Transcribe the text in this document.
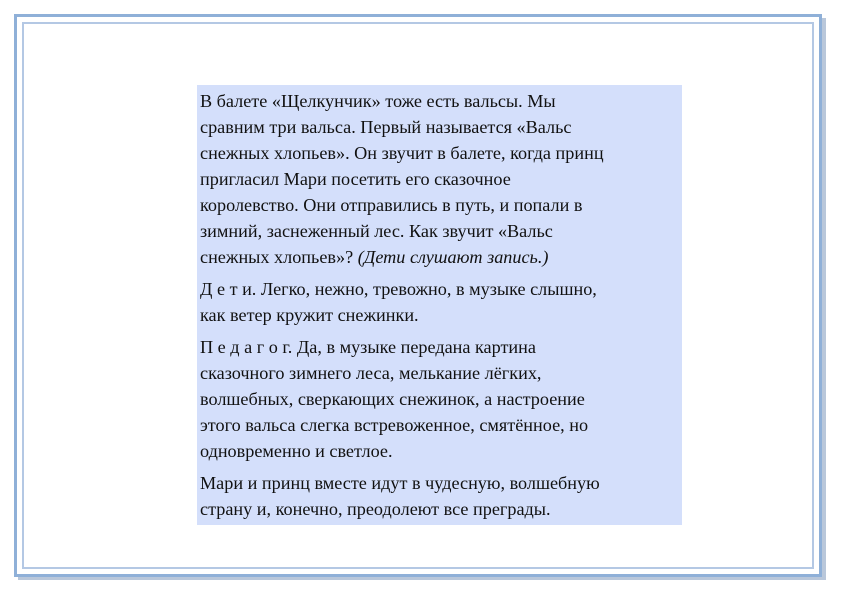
В балете «Щелкунчик» тоже есть вальсы. Мы
сравним три вальса. Первый называется «Вальс
снежных хлопьев». Он звучит в балете, когда принц
пригласил Мари посетить его сказочное
королевство. Они отправились в путь, и попали в
зимний, заснеженный лес. Как звучит «Вальс
снежных хлопьев»? (Дети слушают запись.)

Д е т и. Легко, нежно, тревожно, в музыке слышно,
как ветер кружит снежинки.

П е д а г о г. Да, в музыке передана картина
сказочного зимнего леса, мелькание лёгких,
волшебных, сверкающих снежинок, а настроение
этого вальса слегка встревоженное, смятённое, но
одновременно и светлое.

Мари и принц вместе идут в чудесную, волшебную
страну и, конечно, преодолеют все преграды.
